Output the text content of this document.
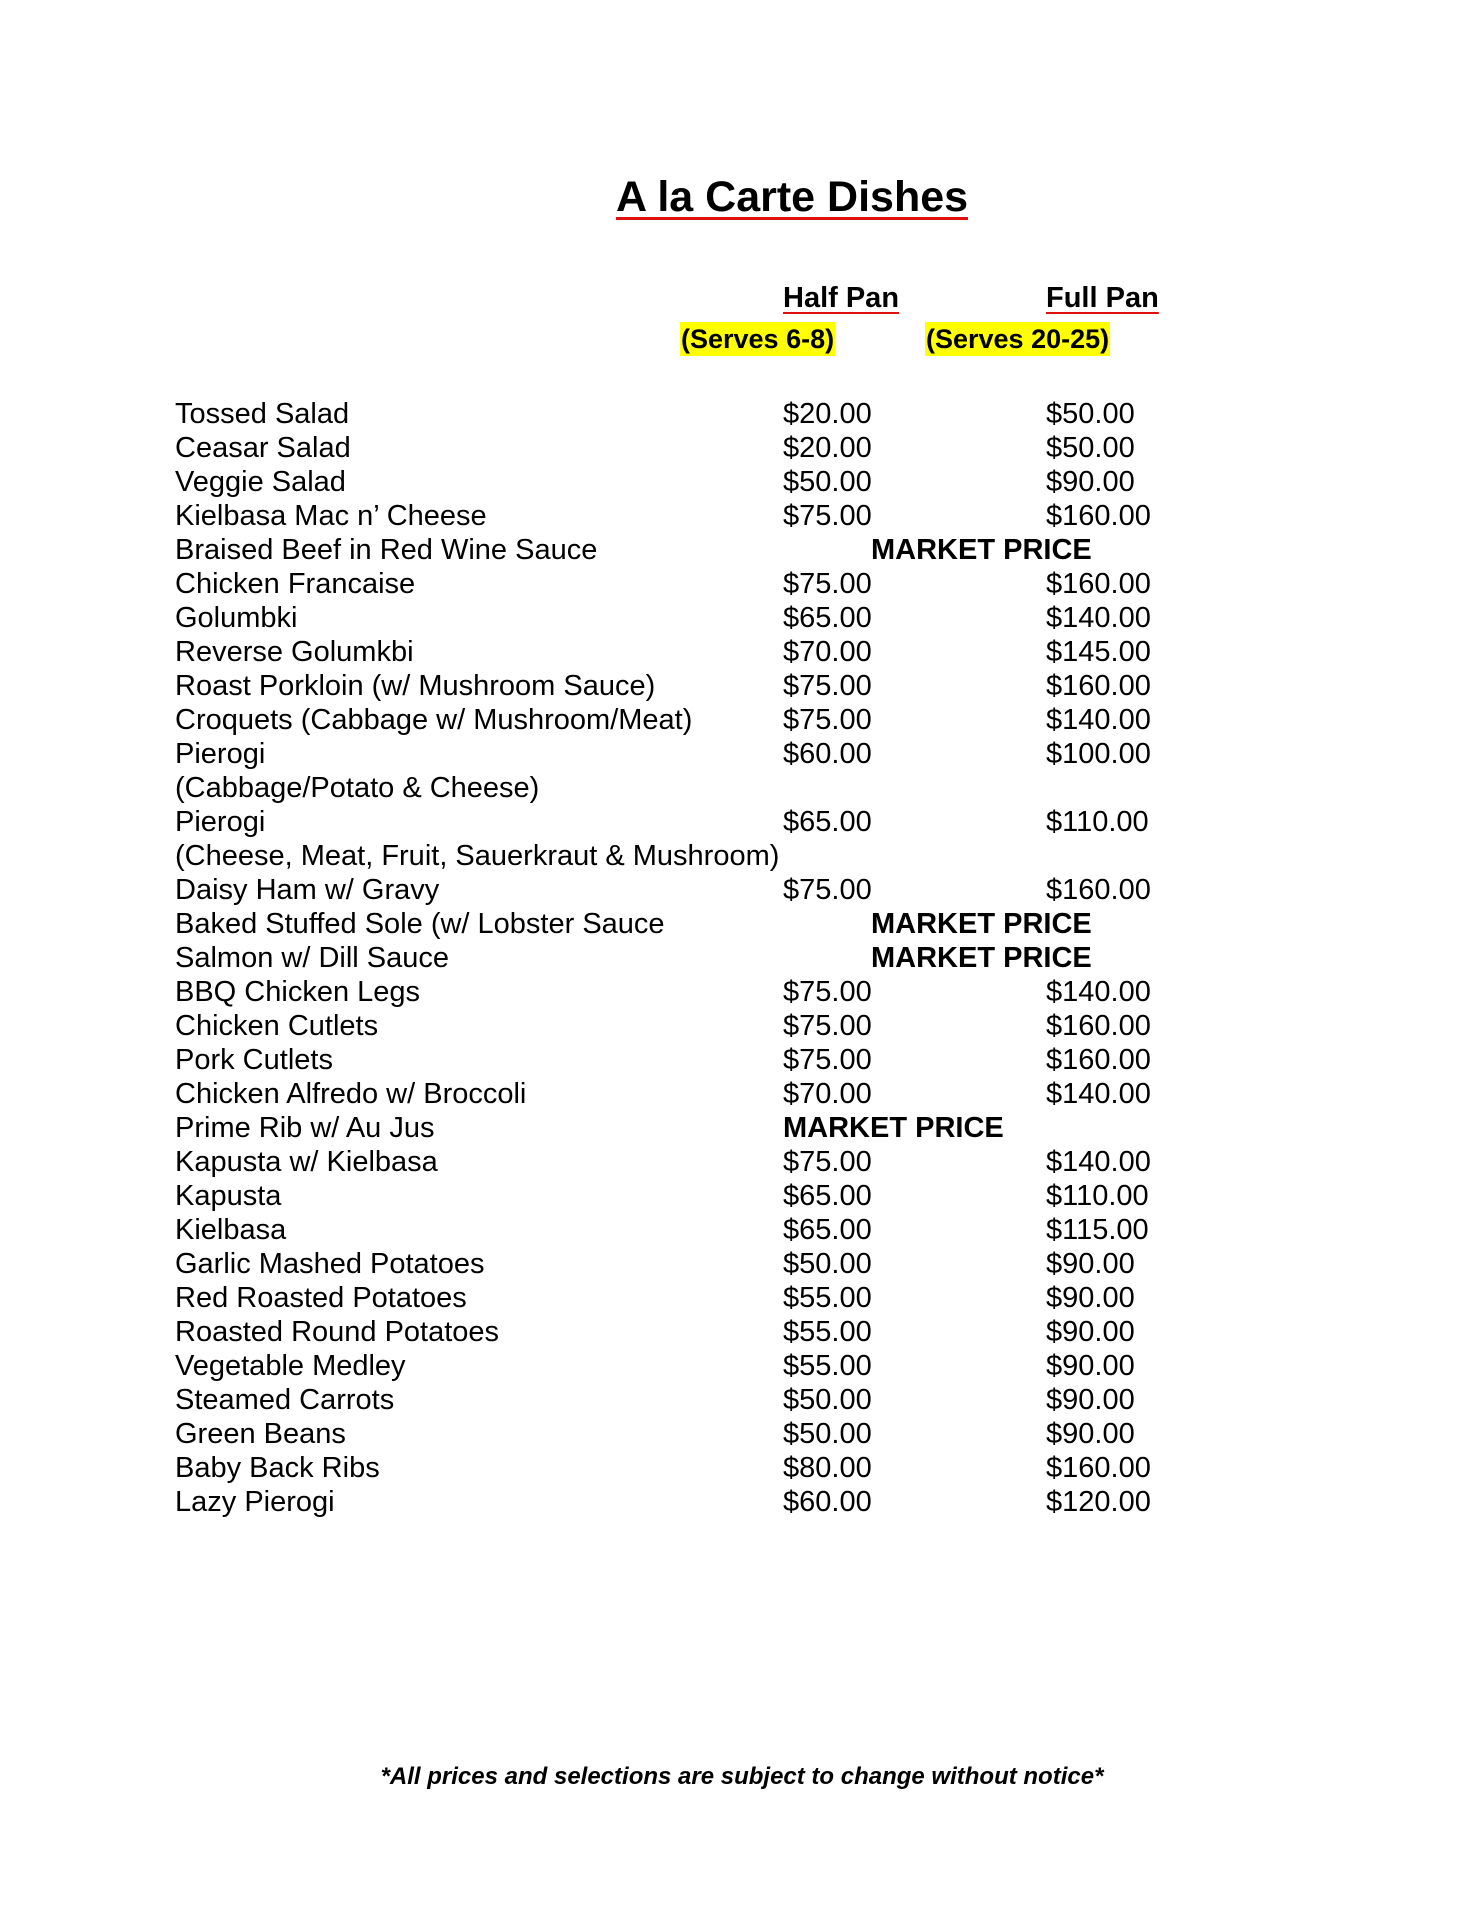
A la Carte Dishes
Half Pan	Full Pan
(Serves 6-8)	(Serves 20-25)
Tossed Salad	$20.00	$50.00
Ceasar Salad	$20.00	$50.00
Veggie Salad	$50.00	$90.00
Kielbasa Mac n’ Cheese	$75.00	$160.00
Braised Beef in Red Wine Sauce	MARKET PRICE
Chicken Francaise	$75.00	$160.00
Golumbki	$65.00	$140.00
Reverse Golumkbi	$70.00	$145.00
Roast Porkloin (w/ Mushroom Sauce)	$75.00	$160.00
Croquets (Cabbage w/ Mushroom/Meat)	$75.00	$140.00
Pierogi	$60.00	$100.00
(Cabbage/Potato & Cheese)
Pierogi	$65.00	$110.00
(Cheese, Meat, Fruit, Sauerkraut & Mushroom)
Daisy Ham w/ Gravy	$75.00	$160.00
Baked Stuffed Sole (w/ Lobster Sauce	MARKET PRICE
Salmon w/ Dill Sauce	MARKET PRICE
BBQ Chicken Legs	$75.00	$140.00
Chicken Cutlets	$75.00	$160.00
Pork Cutlets	$75.00	$160.00
Chicken Alfredo w/ Broccoli	$70.00	$140.00
Prime Rib w/ Au Jus	MARKET PRICE
Kapusta w/ Kielbasa	$75.00	$140.00
Kapusta	$65.00	$110.00
Kielbasa	$65.00	$115.00
Garlic Mashed Potatoes	$50.00	$90.00
Red Roasted Potatoes	$55.00	$90.00
Roasted Round Potatoes	$55.00	$90.00
Vegetable Medley	$55.00	$90.00
Steamed Carrots	$50.00	$90.00
Green Beans	$50.00	$90.00
Baby Back Ribs	$80.00	$160.00
Lazy Pierogi	$60.00	$120.00
*All prices and selections are subject to change without notice*
